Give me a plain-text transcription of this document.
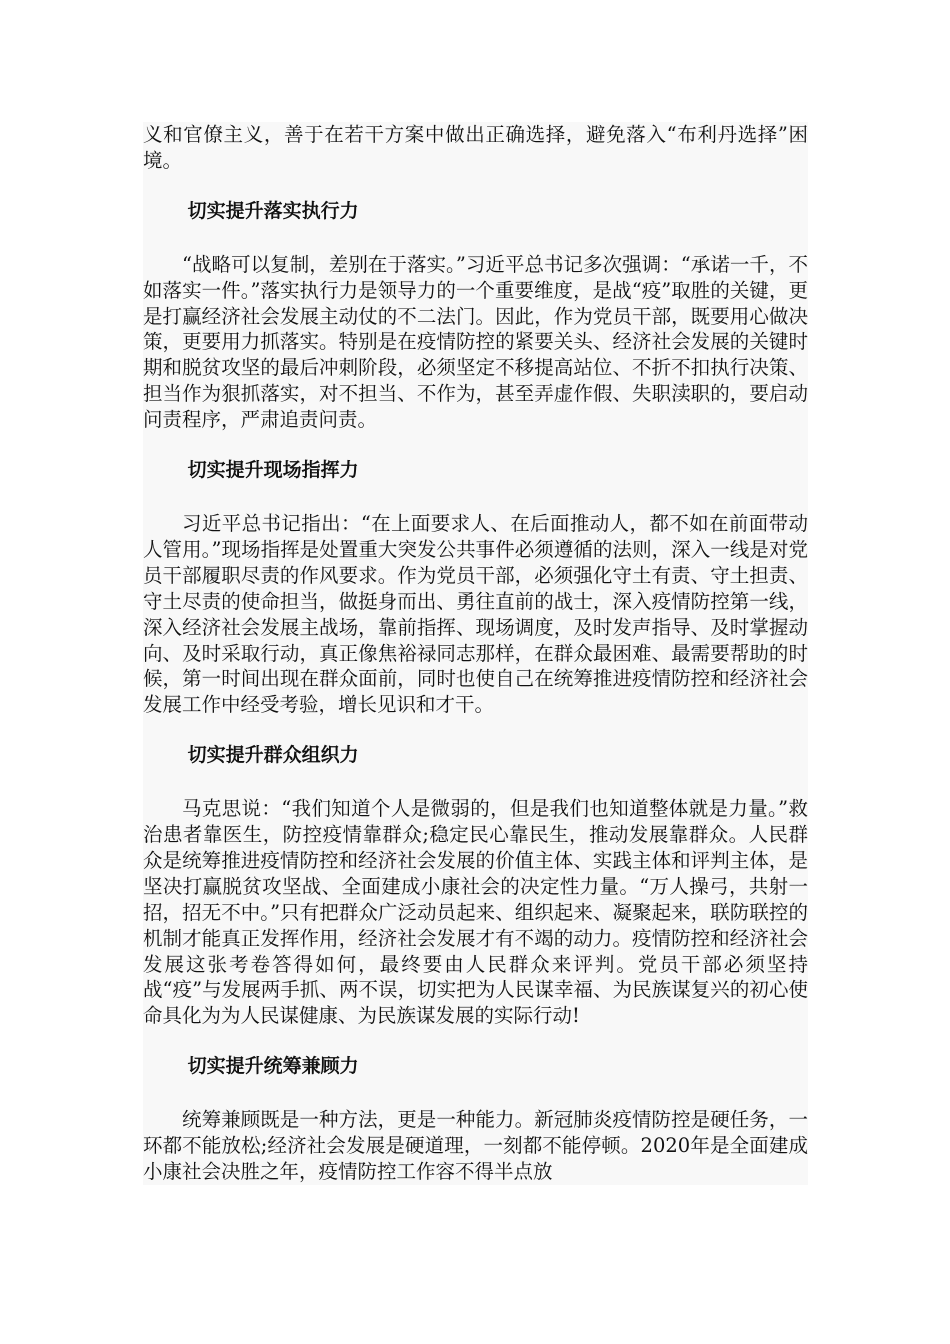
义和官僚主义，善于在若干方案中做出正确选择，避免落入“布利丹选择”困境。

切实提升落实执行力

“战略可以复制，差别在于落实。”习近平总书记多次强调：“承诺一千，不如落实一件。”落实执行力是领导力的一个重要维度，是战“疫”取胜的关键，更是打赢经济社会发展主动仗的不二法门。因此，作为党员干部，既要用心做决策，更要用力抓落实。特别是在疫情防控的紧要关头、经济社会发展的关键时期和脱贫攻坚的最后冲刺阶段，必须坚定不移提高站位、不折不扣执行决策、担当作为狠抓落实，对不担当、不作为，甚至弄虚作假、失职渎职的，要启动问责程序，严肃追责问责。

切实提升现场指挥力

习近平总书记指出：“在上面要求人、在后面推动人，都不如在前面带动人管用。”现场指挥是处置重大突发公共事件必须遵循的法则，深入一线是对党员干部履职尽责的作风要求。作为党员干部，必须强化守土有责、守土担责、守土尽责的使命担当，做挺身而出、勇往直前的战士，深入疫情防控第一线，深入经济社会发展主战场，靠前指挥、现场调度，及时发声指导、及时掌握动向、及时采取行动，真正像焦裕禄同志那样，在群众最困难、最需要帮助的时候，第一时间出现在群众面前，同时也使自己在统筹推进疫情防控和经济社会发展工作中经受考验，增长见识和才干。

切实提升群众组织力

马克思说：“我们知道个人是微弱的，但是我们也知道整体就是力量。”救治患者靠医生，防控疫情靠群众;稳定民心靠民生，推动发展靠群众。人民群众是统筹推进疫情防控和经济社会发展的价值主体、实践主体和评判主体，是坚决打赢脱贫攻坚战、全面建成小康社会的决定性力量。“万人操弓，共射一招，招无不中。”只有把群众广泛动员起来、组织起来、凝聚起来，联防联控的机制才能真正发挥作用，经济社会发展才有不竭的动力。疫情防控和经济社会发展这张考卷答得如何，最终要由人民群众来评判。党员干部必须坚持战“疫”与发展两手抓、两不误，切实把为人民谋幸福、为民族谋复兴的初心使命具化为为人民谋健康、为民族谋发展的实际行动!

切实提升统筹兼顾力

统筹兼顾既是一种方法，更是一种能力。新冠肺炎疫情防控是硬任务，一环都不能放松;经济社会发展是硬道理，一刻都不能停顿。2020年是全面建成小康社会决胜之年，疫情防控工作容不得半点放
